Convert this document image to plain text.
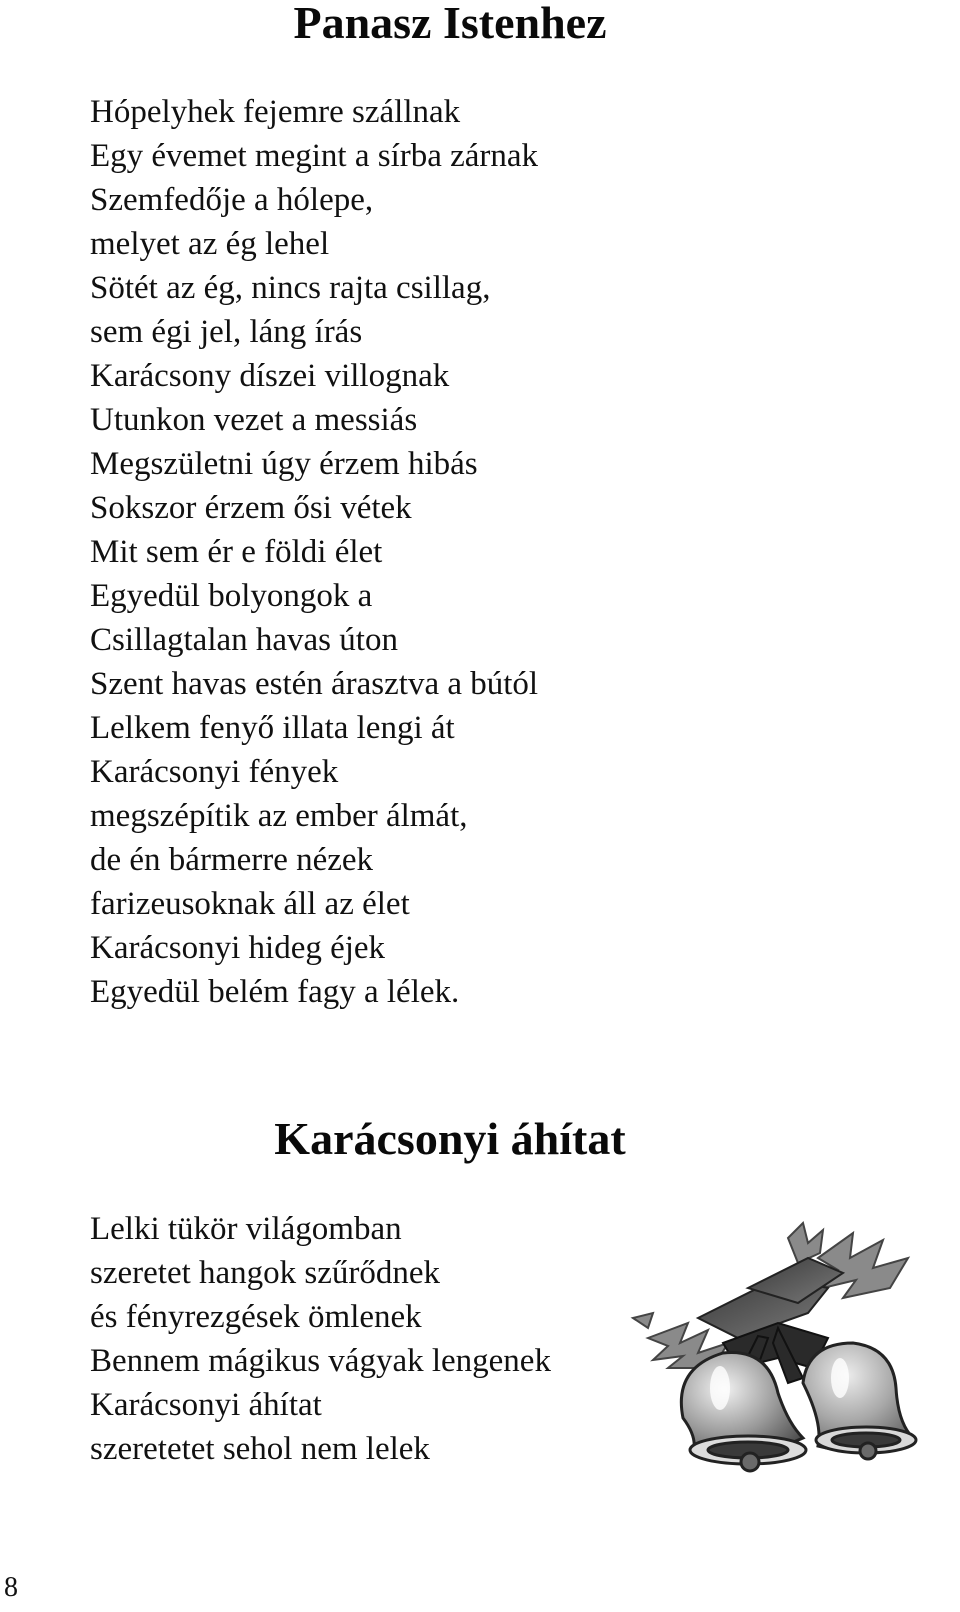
Panasz Istenhez
Hópelyhek fejemre szállnak
Egy évemet megint a sírba zárnak
Szemfedője a hólepe,
melyet az ég lehel
Sötét az ég, nincs rajta csillag,
sem égi jel, láng írás
Karácsony díszei villognak
Utunkon vezet a messiás
Megszületni úgy érzem hibás
Sokszor érzem ősi vétek
Mit sem ér e földi élet
Egyedül bolyongok a
Csillagtalan havas úton
Szent havas estén árasztva a bútól
Lelkem fenyő illata lengi át
Karácsonyi fények
megszépítik az ember álmát,
de én bármerre nézek
farizeusoknak áll az élet
Karácsonyi hideg éjek
Egyedül belém fagy a lélek.
Karácsonyi áhítat
Lelki tükör világomban
szeretet hangok szűrődnek
és fényrezgések ömlenek
Bennem mágikus vágyak lengenek
Karácsonyi áhítat
szeretetet sehol nem lelek
8
